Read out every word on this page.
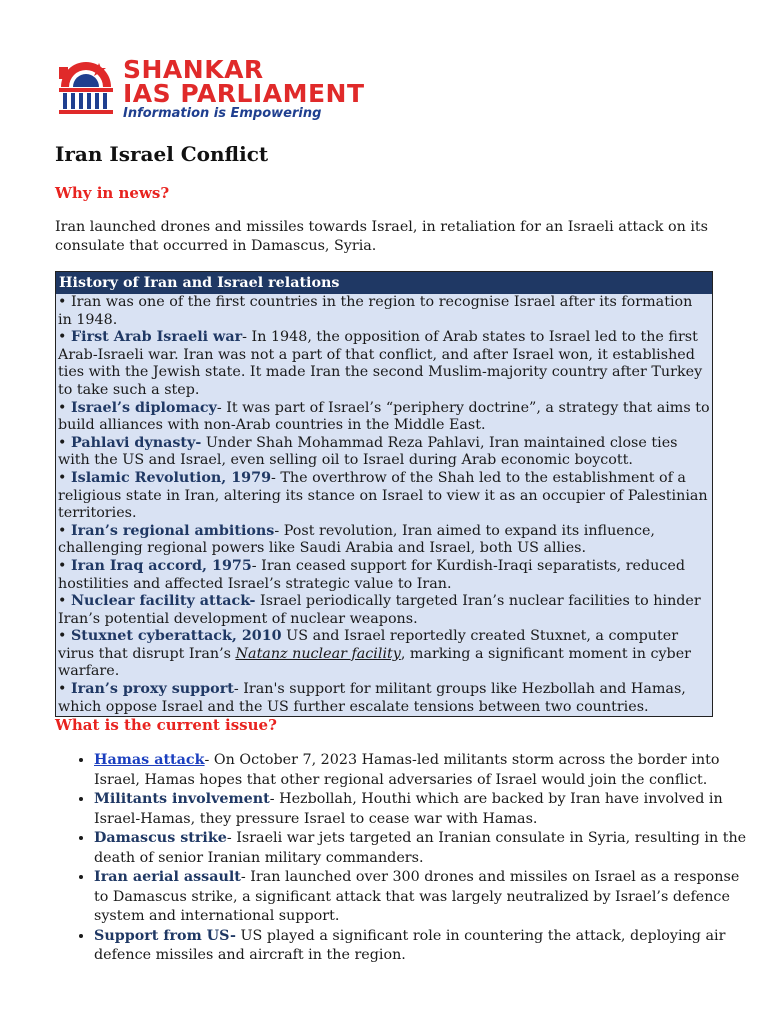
SHANKAR
IAS PARLIAMENT
Information is Empowering
Iran Israel Conflict

Why in news?

Iran launched drones and missiles towards Israel, in retaliation for an Israeli attack on its consulate that occurred in Damascus, Syria.

History of Iran and Israel relations

• Iran was one of the first countries in the region to recognise Israel after its formation in 1948.

• First Arab Israeli war- In 1948, the opposition of Arab states to Israel led to the first Arab-Israeli war. Iran was not a part of that conflict, and after Israel won, it established ties with the Jewish state. It made Iran the second Muslim-majority country after Turkey to take such a step.

• Israel’s diplomacy- It was part of Israel’s “periphery doctrine”, a strategy that aims to build alliances with non-Arab countries in the Middle East.

• Pahlavi dynasty- Under Shah Mohammad Reza Pahlavi, Iran maintained close ties with the US and Israel, even selling oil to Israel during Arab economic boycott.

• Islamic Revolution, 1979- The overthrow of the Shah led to the establishment of a religious state in Iran, altering its stance on Israel to view it as an occupier of Palestinian territories.

• Iran’s regional ambitions- Post revolution, Iran aimed to expand its influence, challenging regional powers like Saudi Arabia and Israel, both US allies.

• Iran Iraq accord, 1975- Iran ceased support for Kurdish-Iraqi separatists, reduced hostilities and affected Israel’s strategic value to Iran.

• Nuclear facility attack- Israel periodically targeted Iran’s nuclear facilities to hinder Iran’s potential development of nuclear weapons.

• Stuxnet cyberattack, 2010 US and Israel reportedly created Stuxnet, a computer virus that disrupt Iran’s Natanz nuclear facility, marking a significant moment in cyber warfare.

• Iran’s proxy support- Iran's support for militant groups like Hezbollah and Hamas, which oppose Israel and the US further escalate tensions between two countries.

What is the current issue?

• Hamas attack- On October 7, 2023 Hamas-led militants storm across the border into Israel, Hamas hopes that other regional adversaries of Israel would join the conflict.
• Militants involvement- Hezbollah, Houthi which are backed by Iran have involved in Israel-Hamas, they pressure Israel to cease war with Hamas.
• Damascus strike- Israeli war jets targeted an Iranian consulate in Syria, resulting in the death of senior Iranian military commanders.
• Iran aerial assault- Iran launched over 300 drones and missiles on Israel as a response to Damascus strike, a significant attack that was largely neutralized by Israel’s defence system and international support.
• Support from US- US played a significant role in countering the attack, deploying air defence missiles and aircraft in the region.
